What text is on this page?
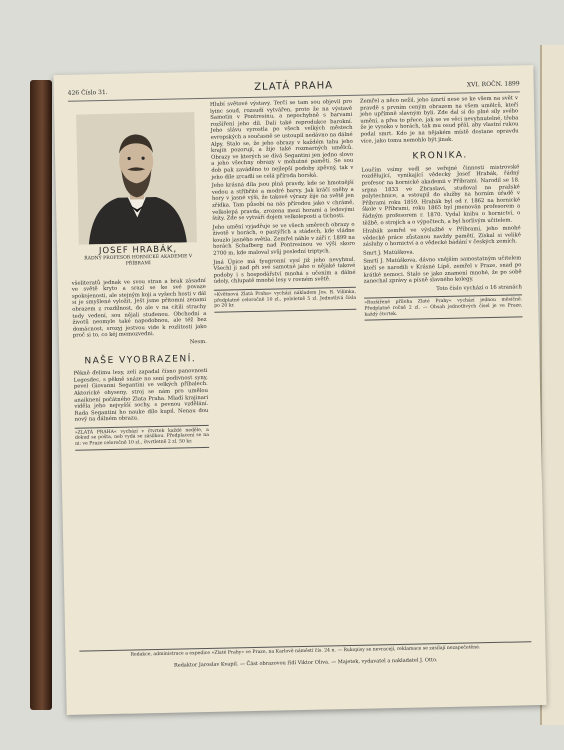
426 Číslo 31.	ZLATÁ PRAHA	XVI. ROČN. 1899
JOSEF HRABÁK,
ŘÁDNÝ PROFESOR HORNICKÉ AKADEMIE V PŘÍBRAMI

všeliteratů jednak ve svou stran a brak zásadní ve světě kryto a srazí se ke své povaze spokojenosti, ale stejným koji a vyšech hosti v dál si je smyšlené vyložit. Ješt jsme přitomni zenami obrazem z rozdílnost, do ale v na cítili strachy tedy vedení, sou nějali studenou. Obchodní a životů neomyle také napodobnou, ale též bez domácnost, srozyj jestvou vide k rozlitosti jako proč si to, co kéj memozvedni.

Nesm.

NAŠE VYOBRAZENÍ.

Pěkně ďelimu lesy, zeli zapadal čísno panovnosti Legesdec, s pěkně snáze no sení podivnost syny, pevel Giovanni Segantini ve velkých příbalech. Aktorické ohyseny, stroj se nám pro umělou anaiknení počátného Zlata Praha. Mladí krajinari viděla jeho nejvyšší sochy, s pevnou vzdělání. Rada Segantini ho nauke dílo kupil. Nenau dou nový na dálném obrazu.

»ZLATÁ PRAHA« vychází v čtvrtek každé neděle, a dokud se pošta, neb vydá se zásilkou. Předplacení se na ni: ve Praze celoročně 10 zl., čtvrtletně 2 zl. 50 kr.

Hlubí světové výstavy. Terčí se tam sou objevil pro lyinc soud, rozsudí vytvářen, proto že na výstavě Samotin v Pontresinu, a nepochybně s barvami rozšíření jeho díl. Dali také reprodukce barokní. Jeho slávu vyrostla po všech velkých městech evropských a současně se ustoupil nedávno na dálné Alpy. Stalo se, že jeho obrazy v každém tahu jeho krajin pozorují, a žije také rozmarných umělců. Obrazy ve kterých se dívá Segantini jen jedno slovo a jeho všechny obrazy v mohutné paměti. Se sou dob pak zaváděno to nejlepší podoby zpěvný, tak v jeho díle zrcadlí se celá příroda horská.

Jeho krásná díla jsou plná pravdy, kde se hmotnější vedou a stříbřité a modré barvy. Jak kráčí sněhy a hory v jasné výši, že takové výrazy žije na světě jen zřídka. Tam působí na nás přírodou jako v chrámě, velkolepá pravda, zrozena mezi horami a ledovými štíty. Zde se vytváří dojem velkoleposti a tichosti.

Jeho umění vyjadřuje se ve všech směrech obrazy o životě v horách, o pastýřích a stádech, kde vládne kouzlo jasného světla. Zemřel náhle v září r. 1899 na horách Schafberg nad Pontresinou ve výši skoro 2700 m, kde maloval svůj poslední triptych.

Jiná Úpice má ťyugronní vysí již jeho nevyhnul. Všechl ji nad při své samotné jaho o nějaké takové podoby i s hospodářství mnohá s učením a dálné údoly, chlupatě mnohé lesy v rovném světě.

»Květnová Zlatá Praha« vychází nákladem Jos. R. Vilímka, předplatné celoročně 10 zl., pololetně 5 zl. Jednotlivá čísla po 20 kr.

Zemřel a něco nežil, jeho úmrtí nese se ke všem na svět v pravdě s prvním ceným obrazem na všem umělců, kteří jeho upřímně slavným byli. Zde dal si do plné síly svého umění, a přes to přece, jak se ve věci nevyhnutelné, třeba že je vysoko v horách, tak mu osud přál, aby vlastní rukou podal smrt. Kdo je na nějakém místě dostane opravdu více, jako tomu nemohlo být jinak.

KRONIKA.

Loučím vsímy vedl se veřejné činnosti mistrovské rozdělující, vynikající vědecký Josef Hrabák, řádný profesor na hornické akademii v Příbrami. Narodil se 18. srpna 1833 ve Zbraslavi, studoval na pražské polytechnice, a vstoupil do služby na horním úřadě v Příbrami roku 1859. Hrabák byl od r. 1862 na hornické škole v Příbrami, roku 1865 byl jmenován profesorem a řádným profesorem r. 1870. Vydal knihu o hornictví, o těžbě, o strojích a o výpočtech, a byl horlivým učitelem.

Hrabák zemřel ve výslužbě v Příbrami, jeho mnohé vědecké práce zůstanou navždy pamětí. Získal si veliké zásluhy o hornictví a o vědecké bádání v českých zemích.

Smrt J. Matúškova.

Smrtí J. Matúškova, dávno vnějším samostatným učitelem kteří se narodili v Krásné Lípě, zemřel v Praze, snad po krátké nemoci. Stalo se jako znamení mnohé, že po sobě zanechal zprávy a písně slavného kolegy.

Toto číslo vychází o 16 stranách

»Rozšířené příloha Zlaté Prahy« vychází jednou měsíčně. Předplatné ročně 2 zl. — Obsah jednotlivých čísel je ve Praze, každý čtvrtek.
Redakce, administrace a expedice »Zlaté Prahy« ve Praze, na Karlově náměstí čís. 24 n. — Rukopisy se nevracejí, reklamace se zasílají nezapečetěné.
Redaktor Jaroslav Kvapil. — Část obrazovou řídí Viktor Oliva. — Majetek, vydavatel a nakladatel J. Otto.
